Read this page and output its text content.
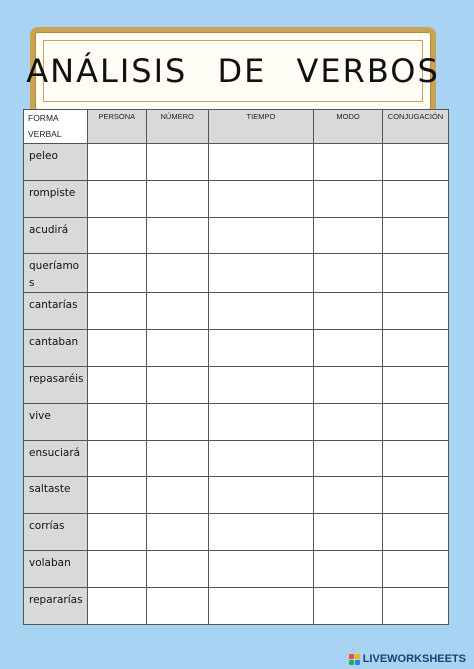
ANÁLISIS DE VERBOS
FORMA VERBAL	PERSONA	NÚMERO	TIEMPO	MODO	CONJUGACIÓN
peleo					
rompiste					
acudirá					
queríamos					
cantarías					
cantaban					
repasaréis					
vive					
ensuciará					
saltaste					
corrías					
volaban					
repararías					
LIVEWORKSHEETS
